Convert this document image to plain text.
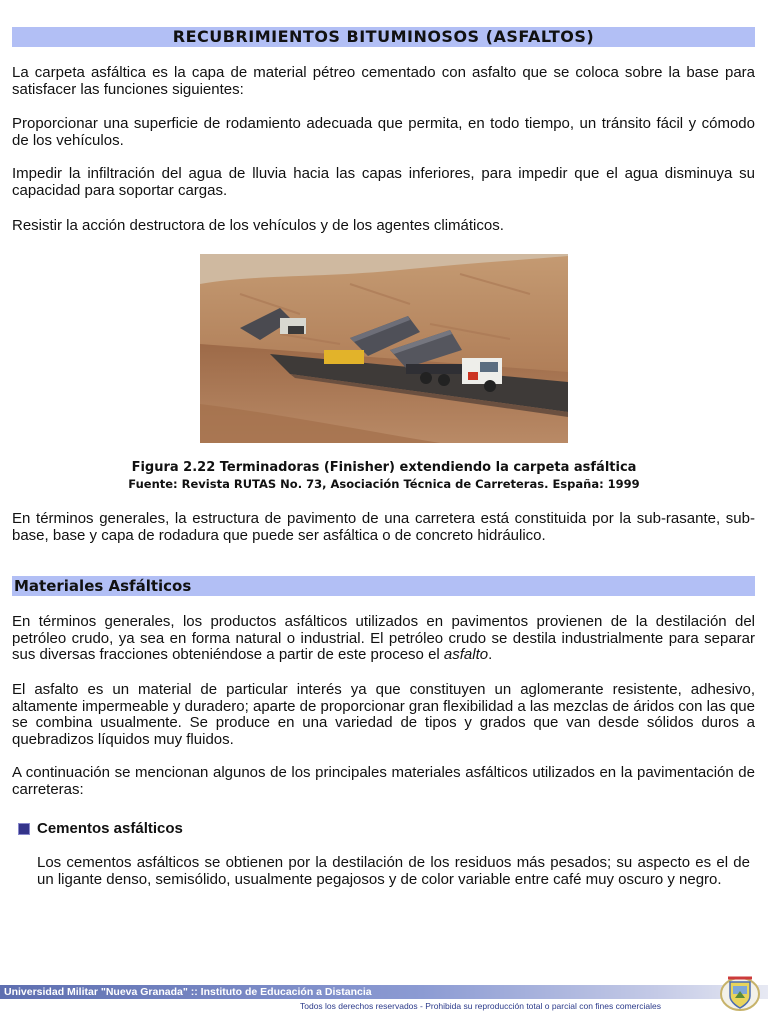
RECUBRIMIENTOS BITUMINOSOS (ASFALTOS)

La carpeta asfáltica es la capa de material pétreo cementado con asfalto que se coloca sobre la base para satisfacer las funciones siguientes:

Proporcionar una superficie de rodamiento adecuada que permita, en todo tiempo, un tránsito fácil y cómodo de los vehículos.

Impedir la infiltración del agua de lluvia hacia las capas inferiores, para impedir que el agua disminuya su capacidad para soportar cargas.

Resistir la acción destructora de los vehículos y de los agentes climáticos.

Figura 2.22 Terminadoras (Finisher) extendiendo la carpeta asfáltica
Fuente: Revista RUTAS No. 73, Asociación Técnica de Carreteras. España: 1999

En términos generales, la estructura de pavimento de una carretera está constituida por la sub-rasante, sub-base, base y capa de rodadura que puede ser asfáltica o de concreto hidráulico.

Materiales Asfálticos

En términos generales, los productos asfálticos utilizados en pavimentos provienen de la destilación del petróleo crudo, ya sea en forma natural o industrial. El petróleo crudo se destila industrialmente para separar sus diversas fracciones obteniéndose a partir de este proceso el asfalto.

El asfalto es un material de particular interés ya que constituyen un aglomerante resistente, adhesivo, altamente impermeable y duradero; aparte de proporcionar gran flexibilidad a las mezclas de áridos con las que se combina usualmente. Se produce en una variedad de tipos y grados que van desde sólidos duros a quebradizos líquidos muy fluidos.

A continuación se mencionan algunos de los principales materiales asfálticos utilizados en la pavimentación de carreteras:

Cementos asfálticos

Los cementos asfálticos se obtienen por la destilación de los residuos más pesados; su aspecto es el de un ligante denso, semisólido, usualmente pegajosos y de color variable entre café muy oscuro y negro.

Universidad Militar "Nueva Granada" :: Instituto de Educación a Distancia
Todos los derechos reservados - Prohibida su reproducción total o parcial con fines comerciales
